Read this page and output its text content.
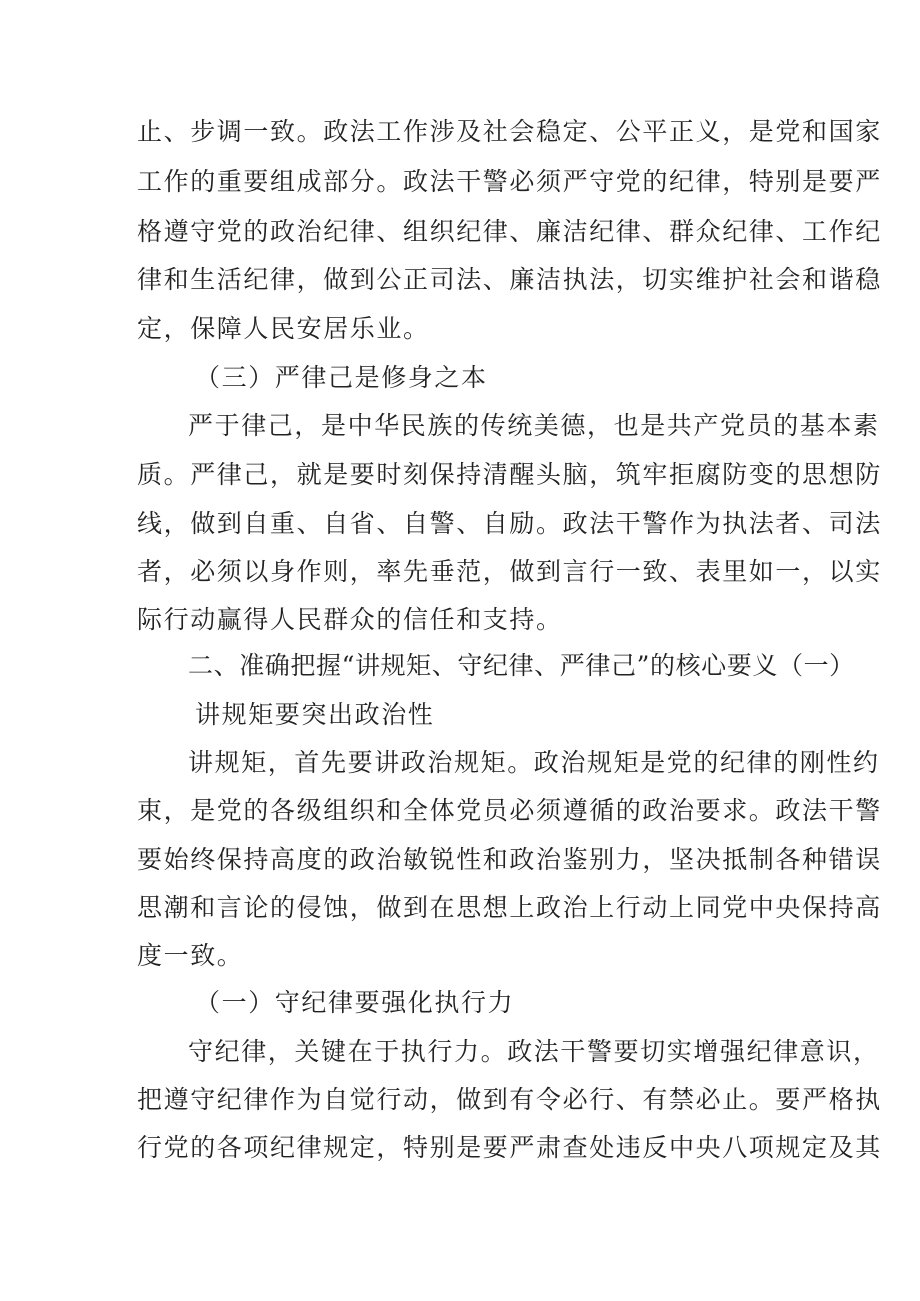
止、步调一致。政法工作涉及社会稳定、公平正义，是党和国家

工作的重要组成部分。政法干警必须严守党的纪律，特别是要严

格遵守党的政治纪律、组织纪律、廉洁纪律、群众纪律、工作纪

律和生活纪律，做到公正司法、廉洁执法，切实维护社会和谐稳

定，保障人民安居乐业。

（三）严律己是修身之本

严于律己，是中华民族的传统美德，也是共产党员的基本素

质。严律己，就是要时刻保持清醒头脑，筑牢拒腐防变的思想防

线，做到自重、自省、自警、自励。政法干警作为执法者、司法

者，必须以身作则，率先垂范，做到言行一致、表里如一，以实

际行动赢得人民群众的信任和支持。

二、准确把握“讲规矩、守纪律、严律己”的核心要义（一）

讲规矩要突出政治性

讲规矩，首先要讲政治规矩。政治规矩是党的纪律的刚性约

束，是党的各级组织和全体党员必须遵循的政治要求。政法干警

要始终保持高度的政治敏锐性和政治鉴别力，坚决抵制各种错误

思潮和言论的侵蚀，做到在思想上政治上行动上同党中央保持高

度一致。

（一）守纪律要强化执行力

守纪律，关键在于执行力。政法干警要切实增强纪律意识，

把遵守纪律作为自觉行动，做到有令必行、有禁必止。要严格执

行党的各项纪律规定，特别是要严肃查处违反中央八项规定及其
